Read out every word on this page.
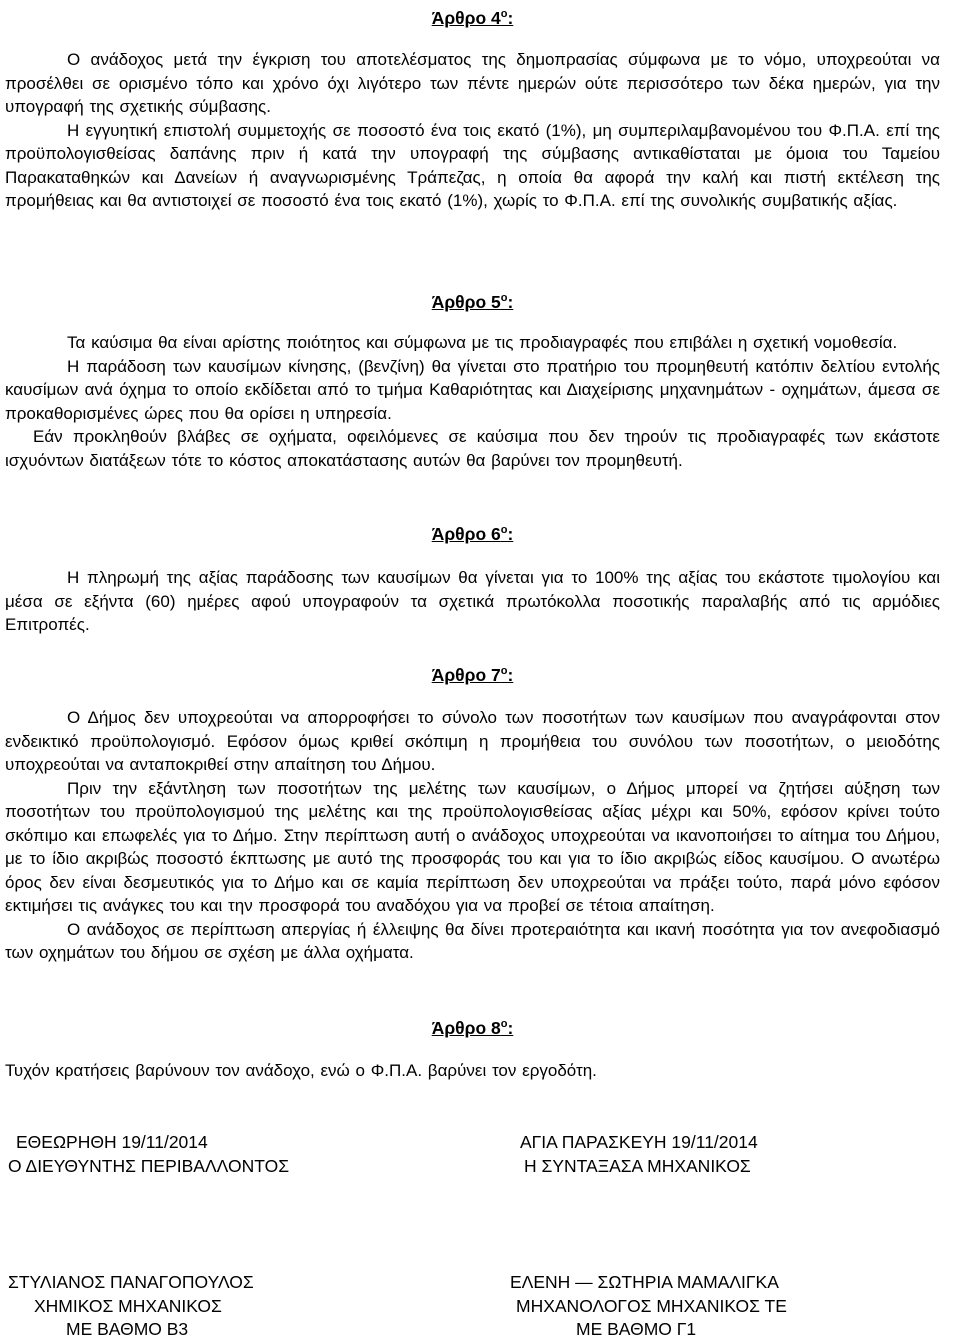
Άρθρο $4^o$:

Ο ανάδοχος μετά την έγκριση του αποτελέσματος της δημοπρασίας σύμφωνα με το νόμο, υποχρεούται να προσέλθει σε ορισμένο τόπο και χρόνο όχι λιγότερο των πέντε ημερών ούτε περισσότερο των δέκα ημερών, για την υπογραφή της σχετικής σύμβασης.

Η εγγυητική επιστολή συμμετοχής σε ποσοστό ένα τοις εκατό (1%), μη συμπεριλαμβανομένου του Φ.Π.Α. επί της προϋπολογισθείσας δαπάνης πριν ή κατά την υπογραφή της σύμβασης αντικαθίσταται με όμοια του Ταμείου Παρακαταθηκών και Δανείων ή αναγνωρισμένης Τράπεζας, η οποία θα αφορά την καλή και πιστή εκτέλεση της προμήθειας και θα αντιστοιχεί σε ποσοστό ένα τοις εκατό (1%), χωρίς το Φ.Π.Α. επί της συνολικής συμβατικής αξίας.

Άρθρο $5^o$:

Τα καύσιμα θα είναι αρίστης ποιότητος και σύμφωνα με τις προδιαγραφές που επιβάλει η σχετική νομοθεσία.

Η παράδοση των καυσίμων κίνησης, (βενζίνη) θα γίνεται στο πρατήριο του προμηθευτή κατόπιν δελτίου εντολής καυσίμων ανά όχημα το οποίο εκδίδεται από το τμήμα Καθαριότητας και Διαχείρισης μηχανημάτων - οχημάτων, άμεσα σε προκαθορισμένες ώρες που θα ορίσει η υπηρεσία.

Εάν προκληθούν βλάβες σε οχήματα, οφειλόμενες σε καύσιμα που δεν τηρούν τις προδιαγραφές των εκάστοτε ισχυόντων διατάξεων τότε το κόστος αποκατάστασης αυτών θα βαρύνει τον προμηθευτή.

Άρθρο $6^o$:

Η πληρωμή της αξίας παράδοσης των καυσίμων θα γίνεται για το 100% της αξίας του εκάστοτε τιμολογίου και μέσα σε εξήντα (60) ημέρες αφού υπογραφούν τα σχετικά πρωτόκολλα ποσοτικής παραλαβής από τις αρμόδιες Επιτροπές.

Άρθρο $7^o$:

Ο Δήμος δεν υποχρεούται να απορροφήσει το σύνολο των ποσοτήτων των καυσίμων που αναγράφονται στον ενδεικτικό προϋπολογισμό. Εφόσον όμως κριθεί σκόπιμη η προμήθεια του συνόλου των ποσοτήτων, ο μειοδότης υποχρεούται να ανταποκριθεί στην απαίτηση του Δήμου.

Πριν την εξάντληση των ποσοτήτων της μελέτης των καυσίμων, ο Δήμος μπορεί να ζητήσει αύξηση των ποσοτήτων του προϋπολογισμού της μελέτης και της προϋπολογισθείσας αξίας μέχρι και 50%, εφόσον κρίνει τούτο σκόπιμο και επωφελές για το Δήμο. Στην περίπτωση αυτή ο ανάδοχος υποχρεούται να ικανοποιήσει το αίτημα του Δήμου, με το ίδιο ακριβώς ποσοστό έκπτωσης με αυτό της προσφοράς του και για το ίδιο ακριβώς είδος καυσίμου. Ο ανωτέρω όρος δεν είναι δεσμευτικός για το Δήμο και σε καμία περίπτωση δεν υποχρεούται να πράξει τούτο, παρά μόνο εφόσον εκτιμήσει τις ανάγκες του και την προσφορά του αναδόχου για να προβεί σε τέτοια απαίτηση.

Ο ανάδοχος σε περίπτωση απεργίας ή έλλειψης θα δίνει προτεραιότητα και ικανή ποσότητα για τον ανεφοδιασμό των οχημάτων του δήμου σε σχέση με άλλα οχήματα.

Άρθρο $8^o$:

Τυχόν κρατήσεις βαρύνουν τον ανάδοχο, ενώ ο Φ.Π.Α. βαρύνει τον εργοδότη.

ΕΘΕΩΡΗΘΗ 19/11/2014
Ο ΔΙΕΥΘΥΝΤΗΣ ΠΕΡΙΒΑΛΛΟΝΤΟΣ
ΑΓΙΑ ΠΑΡΑΣΚΕΥΗ 19/11/2014
Η ΣΥΝΤΑΞΑΣΑ ΜΗΧΑΝΙΚΟΣ
ΣΤΥΛΙΑΝΟΣ ΠΑΝΑΓΟΠΟΥΛΟΣ
ΧΗΜΙΚΟΣ ΜΗΧΑΝΙΚΟΣ
ΜΕ ΒΑΘΜΟ Β3
ΕΛΕΝΗ — ΣΩΤΗΡΙΑ ΜΑΜΑΛΙΓΚΑ
ΜΗΧΑΝΟΛΟΓΟΣ ΜΗΧΑΝΙΚΟΣ ΤΕ
ΜΕ ΒΑΘΜΟ Γ1
